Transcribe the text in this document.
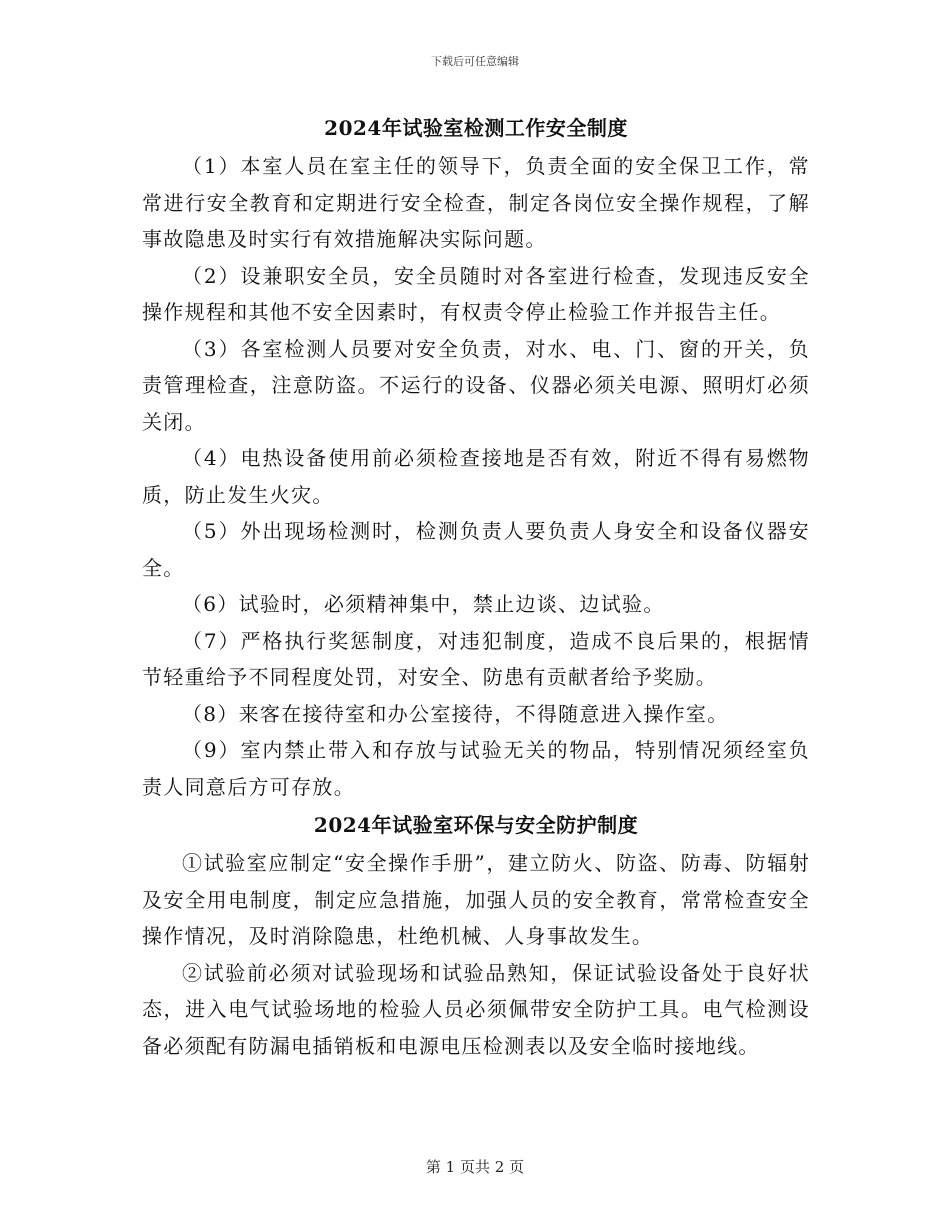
下载后可任意编辑
2024年试验室检测工作安全制度

（1）本室人员在室主任的领导下，负责全面的安全保卫工作，常常进行安全教育和定期进行安全检查，制定各岗位安全操作规程，了解事故隐患及时实行有效措施解决实际问题。

（2）设兼职安全员，安全员随时对各室进行检查，发现违反安全操作规程和其他不安全因素时，有权责令停止检验工作并报告主任。

（3）各室检测人员要对安全负责，对水、电、门、窗的开关，负责管理检查，注意防盗。不运行的设备、仪器必须关电源、照明灯必须关闭。

（4）电热设备使用前必须检查接地是否有效，附近不得有易燃物质，防止发生火灾。

（5）外出现场检测时，检测负责人要负责人身安全和设备仪器安全。

（6）试验时，必须精神集中，禁止边谈、边试验。

（7）严格执行奖惩制度，对违犯制度，造成不良后果的，根据情节轻重给予不同程度处罚，对安全、防患有贡献者给予奖励。

（8）来客在接待室和办公室接待，不得随意进入操作室。

（9）室内禁止带入和存放与试验无关的物品，特别情况须经室负责人同意后方可存放。

2024年试验室环保与安全防护制度

①试验室应制定“安全操作手册”，建立防火、防盗、防毒、防辐射及安全用电制度，制定应急措施，加强人员的安全教育，常常检查安全操作情况，及时消除隐患，杜绝机械、人身事故发生。

②试验前必须对试验现场和试验品熟知，保证试验设备处于良好状态，进入电气试验场地的检验人员必须佩带安全防护工具。电气检测设备必须配有防漏电插销板和电源电压检测表以及安全临时接地线。

第 1 页共 2 页
